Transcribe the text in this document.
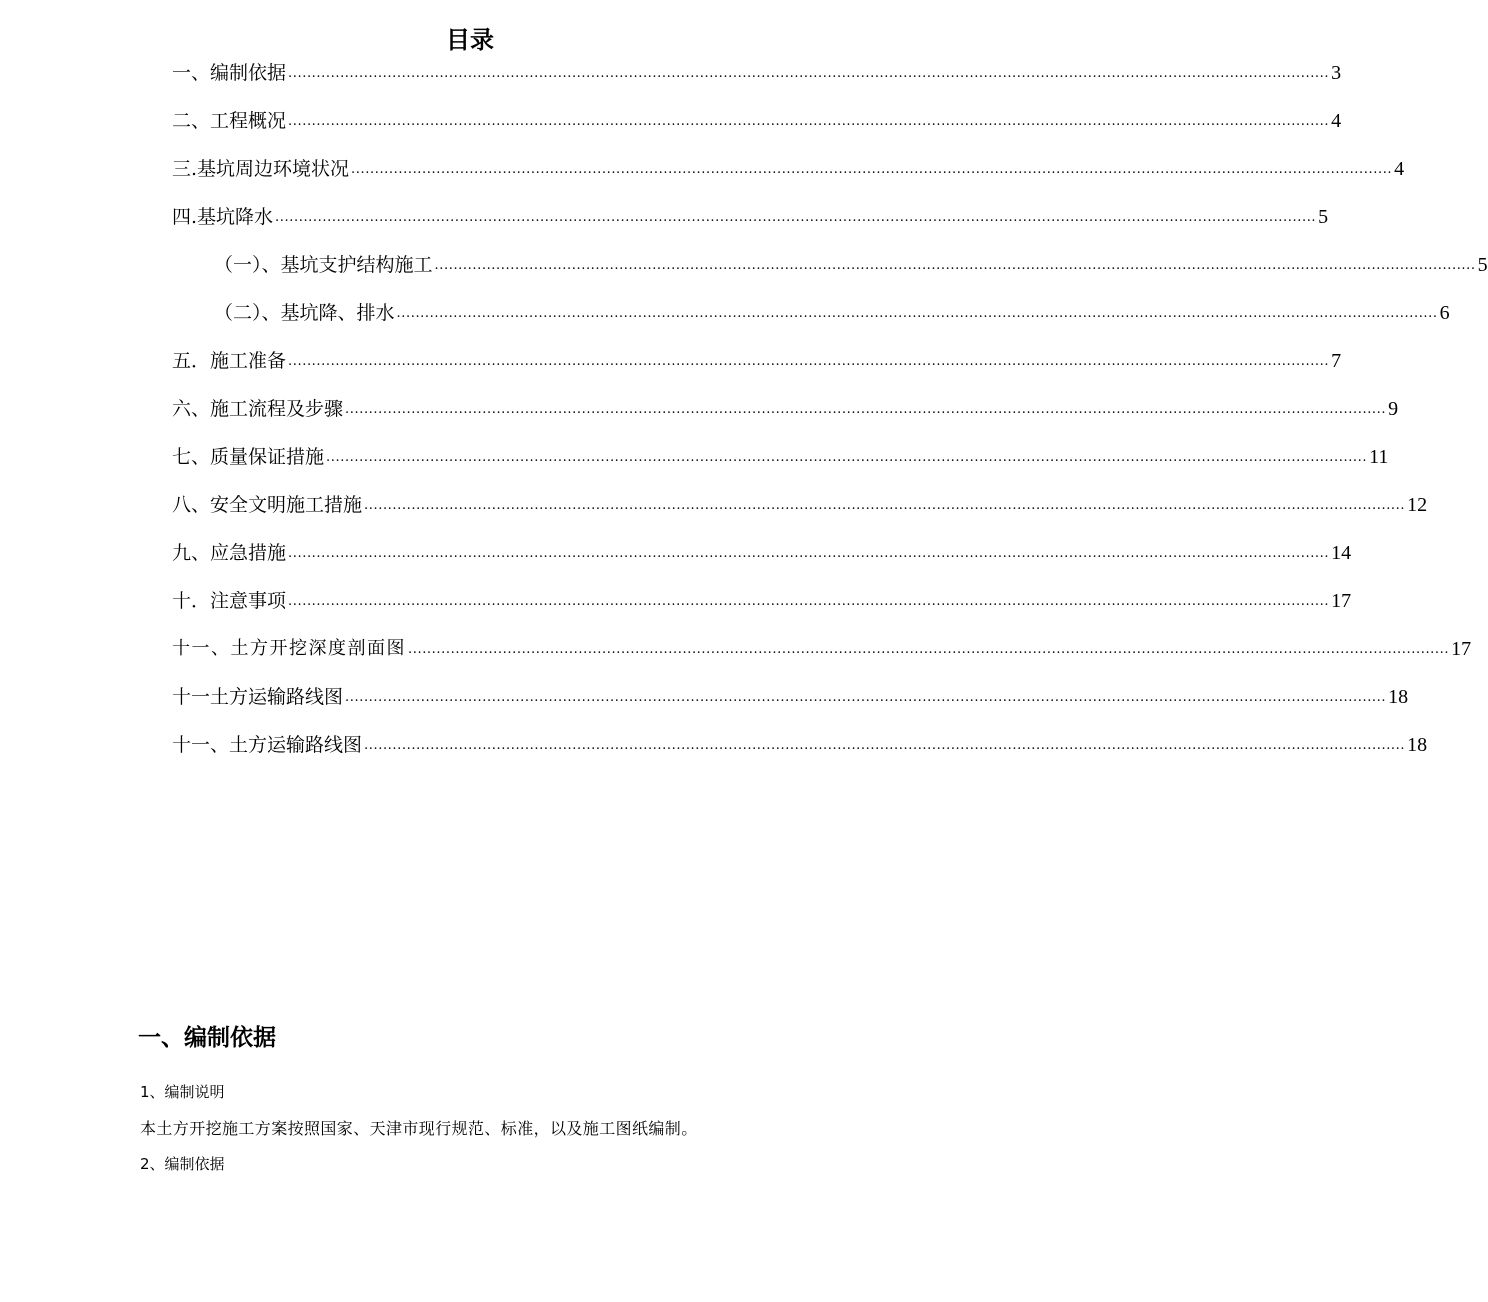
目录
一、编制依据 ............................................................................................................................................................................................................................ 3
二、工程概况 ............................................................................................................................................................................................................................ 4
三.基坑周边环境状况 ............................................................................................................................................................................................................................ 4
四.基坑降水 ............................................................................................................................................................................................................................ 5
（一）、基坑支护结构施工 ............................................................................................................................................................................................................................ 5
（二）、基坑降、排水 ............................................................................................................................................................................................................................ 6
五．施工准备 ............................................................................................................................................................................................................................ 7
六、施工流程及步骤 ............................................................................................................................................................................................................................ 9
七、质量保证措施 ............................................................................................................................................................................................................................ 11
八、安全文明施工措施 ............................................................................................................................................................................................................................ 12
九、应急措施 ............................................................................................................................................................................................................................ 14
十．注意事项 ............................................................................................................................................................................................................................ 17
十一、土方开挖深度剖面图 ............................................................................................................................................................................................................................ 17
十一土方运输路线图 ............................................................................................................................................................................................................................ 18
十一、土方运输路线图 ............................................................................................................................................................................................................................ 18
一、编制依据

1、编制说明

本土方开挖施工方案按照国家、天津市现行规范、标准，以及施工图纸编制。

2、编制依据
